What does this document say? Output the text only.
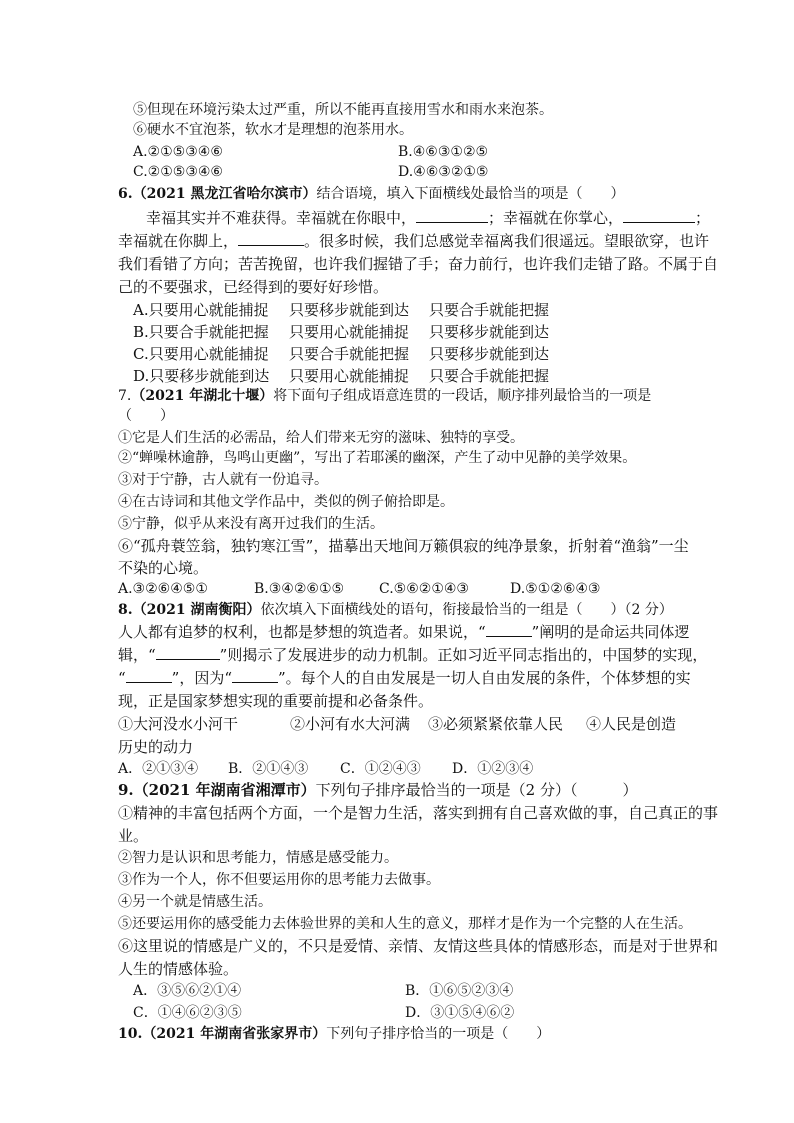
⑤但现在环境污染太过严重，所以不能再直接用雪水和雨水来泡茶。
⑥硬水不宜泡茶，软水才是理想的泡茶用水。
A.②①⑤③④⑥	B.④⑥③①②⑤
C.②①⑤③④⑥	D.④⑥③②①⑤
6.（2021 黑龙江省哈尔滨市）结合语境，填入下面横线处最恰当的项是（　　）
幸福其实并不难获得。幸福就在你眼中，	；幸福就在你掌心，	；
幸福就在你脚上，	。很多时候，我们总感觉幸福离我们很遥远。望眼欲穿，也许
我们看错了方向；苦苦挽留，也许我们握错了手；奋力前行，也许我们走错了路。不属于自
己的不要强求，已经得到的要好好珍惜。
A.只要用心就能捕捉 只要移步就能到达 只要合手就能把握
B.只要合手就能把握 只要用心就能捕捉 只要移步就能到达
C.只要用心就能捕捉 只要合手就能把握 只要移步就能到达
D.只要移步就能到达 只要用心就能捕捉 只要合手就能把握
7.（2021 年湖北十堰）将下面句子组成语意连贯的一段话，顺序排列最恰当的一项是
（　　）
①它是人们生活的必需品，给人们带来无穷的滋味、独特的享受。
②“蝉噪林逾静，鸟鸣山更幽”，写出了若耶溪的幽深，产生了动中见静的美学效果。
③对于宁静，古人就有一份追寻。
④在古诗词和其他文学作品中，类似的例子俯拾即是。
⑤宁静，似乎从来没有离开过我们的生活。
⑥“孤舟蓑笠翁，独钓寒江雪”，描摹出天地间万籁俱寂的纯净景象，折射着“渔翁”一尘
不染的心境。
A.③②⑥④⑤①	B.③④②⑥①⑤ C.⑤⑥②①④③	D.⑤①②⑥④③
8.（2021 湖南衡阳）依次填入下面横线处的语句，衔接最恰当的一组是（　　）（2 分）
人人都有追梦的权利，也都是梦想的筑造者。如果说，“	”阐明的是命运共同体逻
辑，“	”则揭示了发展进步的动力机制。正如习近平同志指出的，中国梦的实现，
“	”，因为“	”。每个人的自由发展是一切人自由发展的条件，个体梦想的实
现，正是国家梦想实现的重要前提和必备条件。
①大河没水小河干	②小河有水大河满 ③必须紧紧依靠人民 ④人民是创造
历史的动力
A．②①③④ B．②①④③ C．①②④③ D．①②③④
9.（2021 年湖南省湘潭市）下列句子排序最恰当的一项是（2 分）（　　　）
①精神的丰富包括两个方面，一个是智力生活，落实到拥有自己喜欢做的事，自己真正的事
业。
②智力是认识和思考能力，情感是感受能力。
③作为一个人，你不但要运用你的思考能力去做事。
④另一个就是情感生活。
⑤还要运用你的感受能力去体验世界的美和人生的意义，那样才是作为一个完整的人在生活。
⑥这里说的情感是广义的，不只是爱情、亲情、友情这些具体的情感形态，而是对于世界和
人生的情感体验。
A．③⑤⑥②①④	B．①⑥⑤②③④
C．①④⑥②③⑤	D．③①⑤④⑥②
10.（2021 年湖南省张家界市）下列句子排序恰当的一项是（　　）
